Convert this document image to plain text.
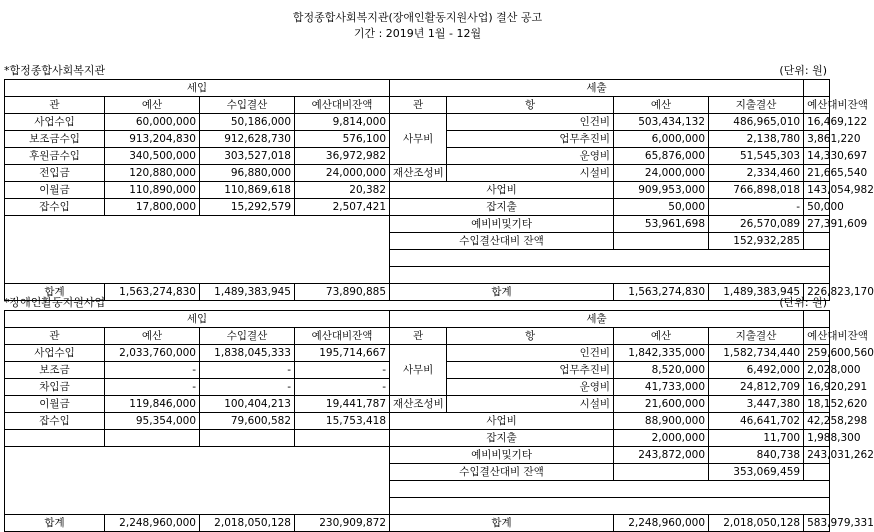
합정종합사회복지관(장애인활동지원사업) 결산 공고
기간 : 2019년 1월 - 12월
*합정종합사회복지관	(단위: 원)
*장애인활동지원사업	(단위: 원)
세입				세출				
관	예산	수입결산	예산대비잔액	관	항	예산	지출결산	예산대비잔액
사업수입	60,000,000	50,186,000	9,814,000	사무비	인건비	503,434,132	486,965,010	16,469,122
보조금수입	913,204,830	912,628,730	576,100		업무추진비	6,000,000	2,138,780	3,861,220
후원금수입	340,500,000	303,527,018	36,972,982		운영비	65,876,000	51,545,303	14,330,697
전입금	120,880,000	96,880,000	24,000,000	재산조성비	시설비	24,000,000	2,334,460	21,665,540
이월금	110,890,000	110,869,618	20,382	사업비		909,953,000	766,898,018	143,054,982
잡수입	17,800,000	15,292,579	2,507,421	잡지출		50,000	-	50,000
				예비비및기타		53,961,698	26,570,089	27,391,609
				수입결산대비 잔액			152,932,285	

합계	1,563,274,830	1,489,383,945	73,890,885	합계		1,563,274,830	1,489,383,945	226,823,170
세입				세출				
관	예산	수입결산	예산대비잔액	관	항	예산	지출결산	예산대비잔액
사업수입	2,033,760,000	1,838,045,333	195,714,667	사무비	인건비	1,842,335,000	1,582,734,440	259,600,560
보조금	-	-	-		업무추진비	8,520,000	6,492,000	2,028,000
차입금	-	-	-		운영비	41,733,000	24,812,709	16,920,291
이월금	119,846,000	100,404,213	19,441,787	재산조성비	시설비	21,600,000	3,447,380	18,152,620
잡수입	95,354,000	79,600,582	15,753,418	사업비		88,900,000	46,641,702	42,258,298
				잡지출		2,000,000	11,700	1,988,300
				예비비및기타		243,872,000	840,738	243,031,262
				수입결산대비 잔액			353,069,459	

합계	2,248,960,000	2,018,050,128	230,909,872	합계		2,248,960,000	2,018,050,128	583,979,331
